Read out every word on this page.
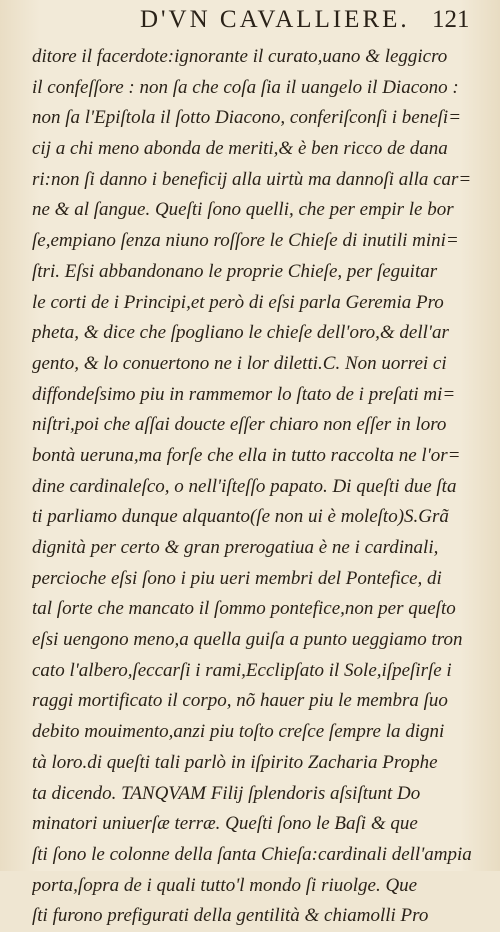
D'VN CAVALLIERE. 121
ditore il facerdote:ignorante il curato,uano & leggicro
il confeſſore : non ſa che coſa ſia il uangelo il Diacono :
non ſa l'Epiſtola il ſotto Diacono, conferiſconſi i beneſi=
cij a chi meno abonda de meriti,& è ben ricco de dana
ri:non ſi danno i beneficij alla uirtù ma dannoſi alla car=
ne & al ſangue. Queſti ſono quelli, che per empir le bor
ſe,empiano ſenza niuno roſſore le Chieſe di inutili mini=
ſtri. Eſsi abbandonano le proprie Chieſe, per ſeguitar
le corti de i Principi,et però di eſsi parla Geremia Pro
pheta, & dice che ſpogliano le chieſe dell'oro,& dell'ar
gento, & lo conuertono ne i lor diletti.C. Non uorrei ci
diffondeſsimo piu in rammemor lo ſtato de i preſati mi=
niſtri,poi che aſſai doucte eſſer chiaro non eſſer in loro
bontà ueruna,ma forſe che ella in tutto raccolta ne l'or=
dine cardinaleſco, o nell'iſteſſo papato. Di queſti due ſta
ti parliamo dunque alquanto(ſe non ui è moleſto)S.Grã
dignità per certo & gran prerogatiua è ne i cardinali,
percioche eſsi ſono i piu ueri membri del Pontefice, di
tal ſorte che mancato il ſommo pontefice,non per queſto
eſsi uengono meno,a quella guiſa a punto ueggiamo tron
cato l'albero,ſeccarſi i rami,Ecclipſato il Sole,iſpeſirſe i
raggi mortificato il corpo, nõ hauer piu le membra ſuo
debito mouimento,anzi piu toſto creſce ſempre la digni
tà loro.di queſti tali parlò in iſpirito Zacharia Prophe
ta dicendo. TANQVAM Filij ſplendoris aſsiſtunt Do
minatori uniuerſæ terræ. Queſti ſono le Baſi & que
ſti ſono le colonne della ſanta Chieſa:cardinali dell'ampia
porta,ſopra de i quali tutto'l mondo ſi riuolge. Que
ſti furono prefigurati della gentilità & chiamolli Pro
